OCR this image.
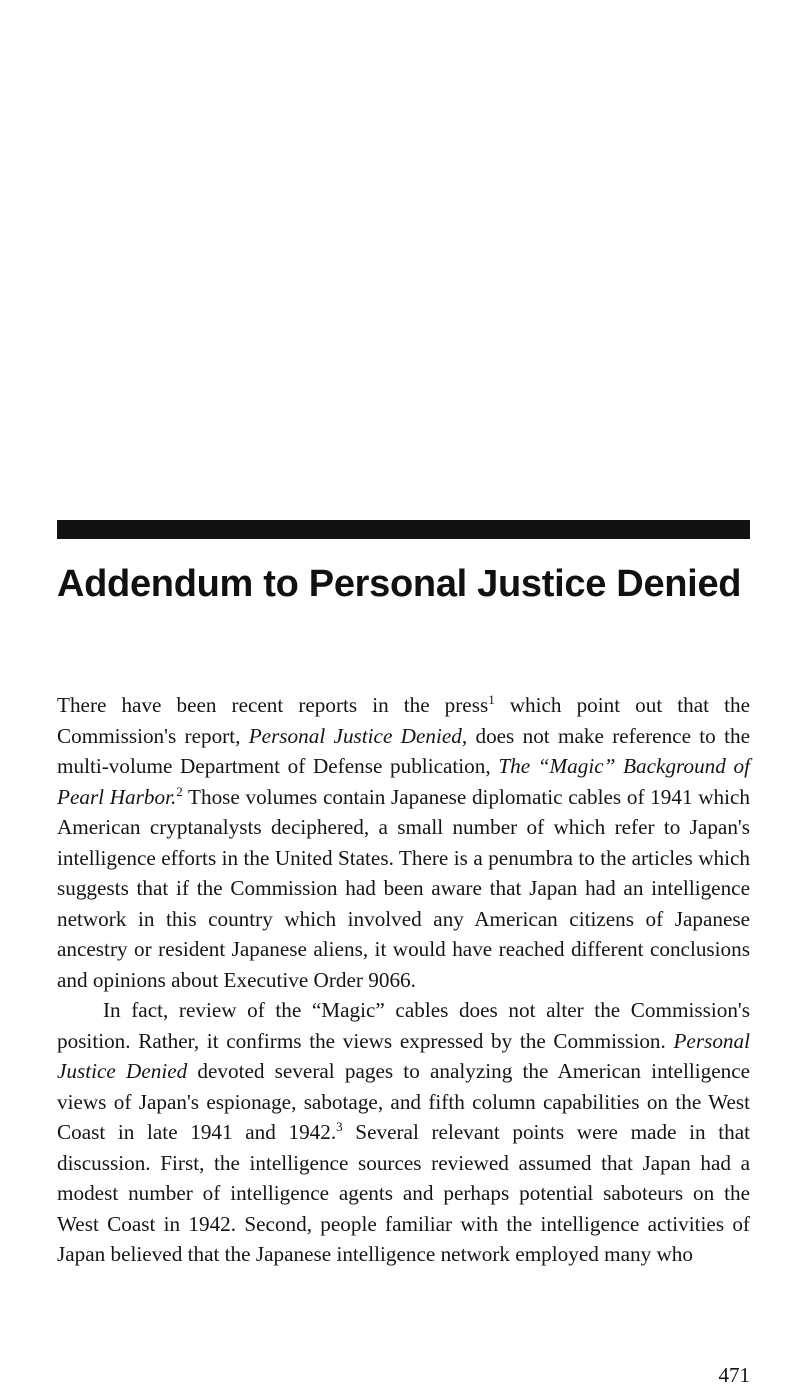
Addendum to Personal Justice Denied

There have been recent reports in the press$^1$ which point out that the Commission's report, Personal Justice Denied, does not make reference to the multi-volume Department of Defense publication, The “Magic” Background of Pearl Harbor.$^2$ Those volumes contain Japanese diplomatic cables of 1941 which American cryptanalysts deciphered, a small number of which refer to Japan's intelligence efforts in the United States. There is a penumbra to the articles which suggests that if the Commission had been aware that Japan had an intelligence network in this country which involved any American citizens of Japanese ancestry or resident Japanese aliens, it would have reached different conclusions and opinions about Executive Order 9066.

In fact, review of the “Magic” cables does not alter the Commission's position. Rather, it confirms the views expressed by the Commission. Personal Justice Denied devoted several pages to analyzing the American intelligence views of Japan's espionage, sabotage, and fifth column capabilities on the West Coast in late 1941 and 1942.$^3$ Several relevant points were made in that discussion. First, the intelligence sources reviewed assumed that Japan had a modest number of intelligence agents and perhaps potential saboteurs on the West Coast in 1942. Second, people familiar with the intelligence activities of Japan believed that the Japanese intelligence network employed many who

471
